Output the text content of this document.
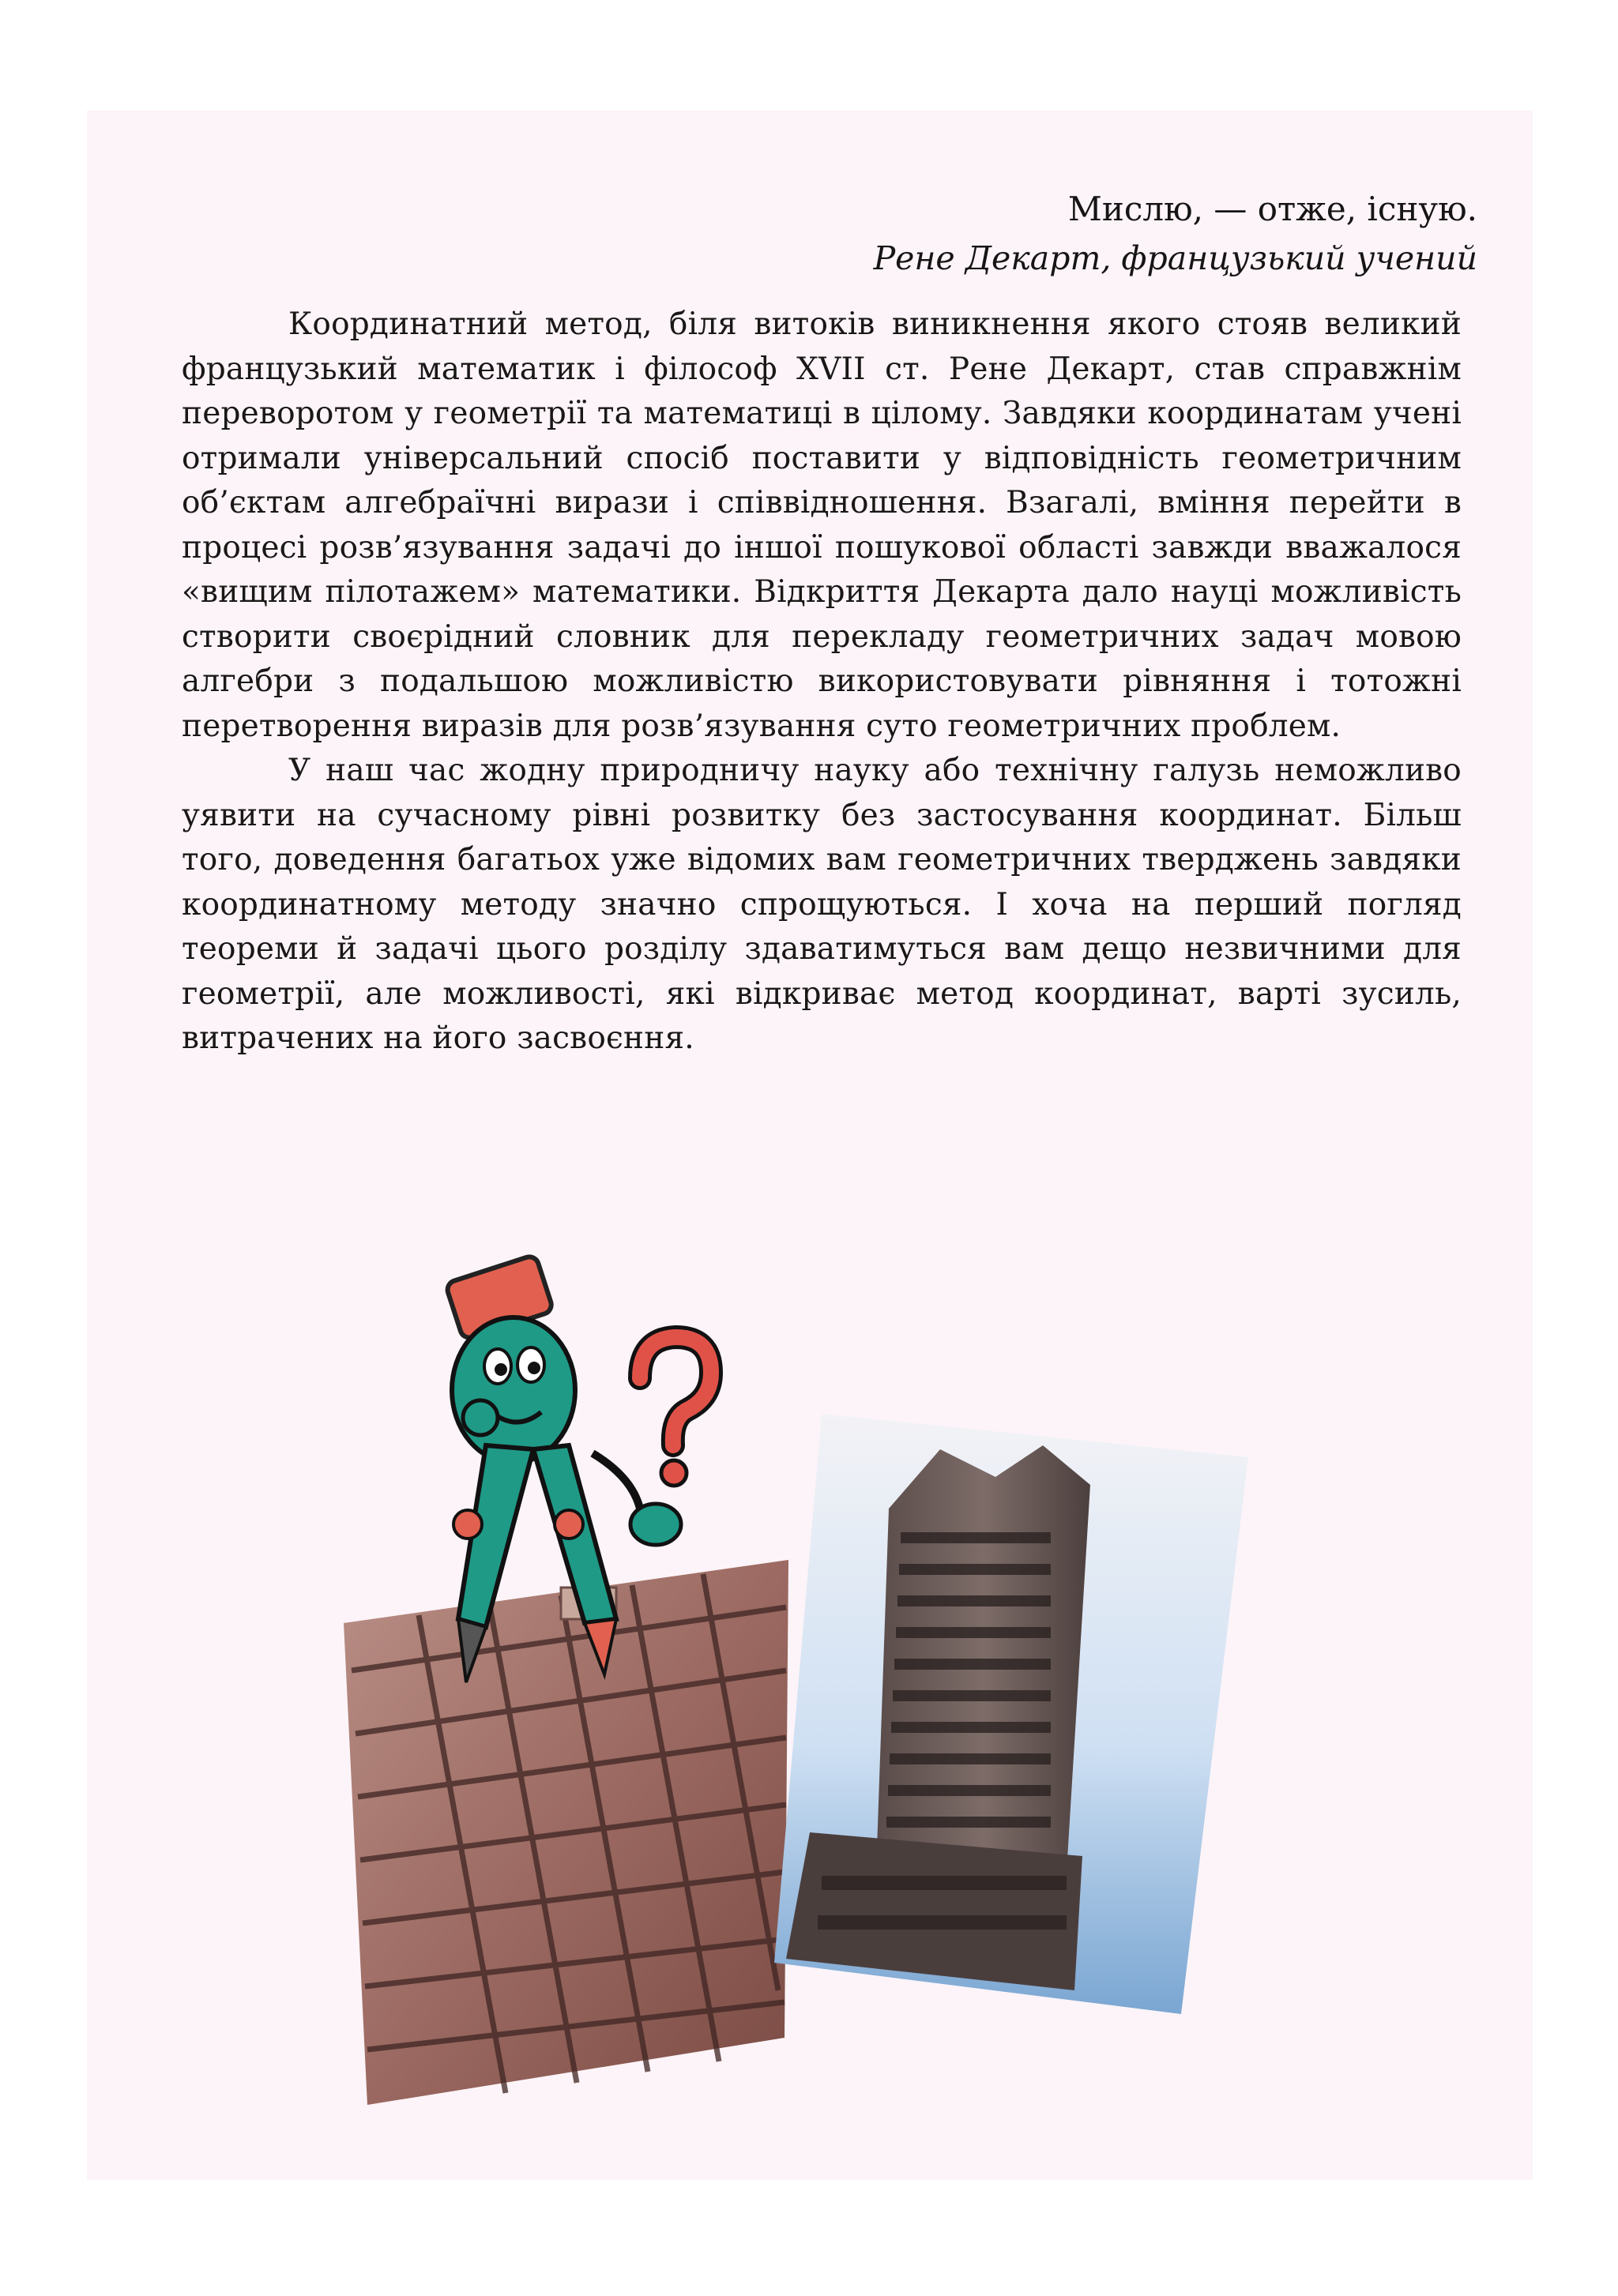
Мислю, — отже, існую.
Рене Декарт, французький учений

Координатний метод, біля витоків виникнення якого стояв великий французький математик і філософ XVII ст. Рене Декарт, став справжнім переворотом у геометрії та математиці в цілому. Завдяки координатам учені отримали універсальний спосіб поставити у відповідність геометричним об’єктам алгебраїчні вирази і співвідношення. Взагалі, вміння перейти в процесі розв’язування задачі до іншої пошукової області завжди вважалося «вищим пілотажем» математики. Відкриття Декарта дало науці можливість створити своєрідний словник для перекладу геометричних задач мовою алгебри з подальшою можливістю використовувати рівняння і тотожні перетворення виразів для розв’язування суто геометричних проблем.

У наш час жодну природничу науку або технічну галузь неможливо уявити на сучасному рівні розвитку без застосування координат. Більш того, доведення багатьох уже відомих вам геометричних тверджень завдяки координатному методу значно спрощуються. І хоча на перший погляд теореми й задачі цього розділу здаватимуться вам дещо незвичними для геометрії, але можливості, які відкриває метод координат, варті зусиль, витрачених на його засвоєння.
